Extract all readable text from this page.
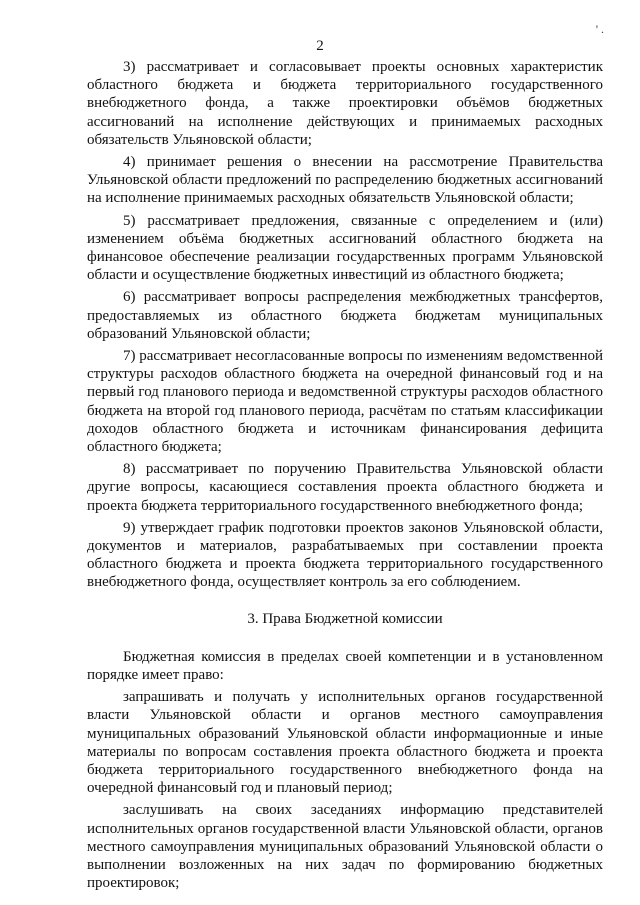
2
' .

3) рассматривает и согласовывает проекты основных характеристик областного бюджета и бюджета территориального государственного внебюджетного фонда, а также проектировки объёмов бюджетных ассигнований на исполнение действующих и принимаемых расходных обязательств Ульяновской области;

4) принимает решения о внесении на рассмотрение Правительства Ульяновской области предложений по распределению бюджетных ассигнований на исполнение принимаемых расходных обязательств Ульяновской области;

5) рассматривает предложения, связанные с определением и (или) изменением объёма бюджетных ассигнований областного бюджета на финансовое обеспечение реализации государственных программ Ульяновской области и осуществление бюджетных инвестиций из областного бюджета;

6) рассматривает вопросы распределения межбюджетных трансфертов, предоставляемых из областного бюджета бюджетам муниципальных образований Ульяновской области;

7) рассматривает несогласованные вопросы по изменениям ведомственной структуры расходов областного бюджета на очередной финансовый год и на первый год планового периода и ведомственной структуры расходов областного бюджета на второй год планового периода, расчётам по статьям классификации доходов областного бюджета и источникам финансирования дефицита областного бюджета;

8) рассматривает по поручению Правительства Ульяновской области другие вопросы, касающиеся составления проекта областного бюджета и проекта бюджета территориального государственного внебюджетного фонда;

9) утверждает график подготовки проектов законов Ульяновской области, документов и материалов, разрабатываемых при составлении проекта областного бюджета и проекта бюджета территориального государственного внебюджетного фонда, осуществляет контроль за его соблюдением.

3. Права Бюджетной комиссии

Бюджетная комиссия в пределах своей компетенции и в установленном порядке имеет право:

запрашивать и получать у исполнительных органов государственной власти Ульяновской области и органов местного самоуправления муниципальных образований Ульяновской области информационные и иные материалы по вопросам составления проекта областного бюджета и проекта бюджета территориального государственного внебюджетного фонда на очередной финансовый год и плановый период;

заслушивать на своих заседаниях информацию представителей исполнительных органов государственной власти Ульяновской области, органов местного самоуправления муниципальных образований Ульяновской области о выполнении возложенных на них задач по формированию бюджетных проектировок;
